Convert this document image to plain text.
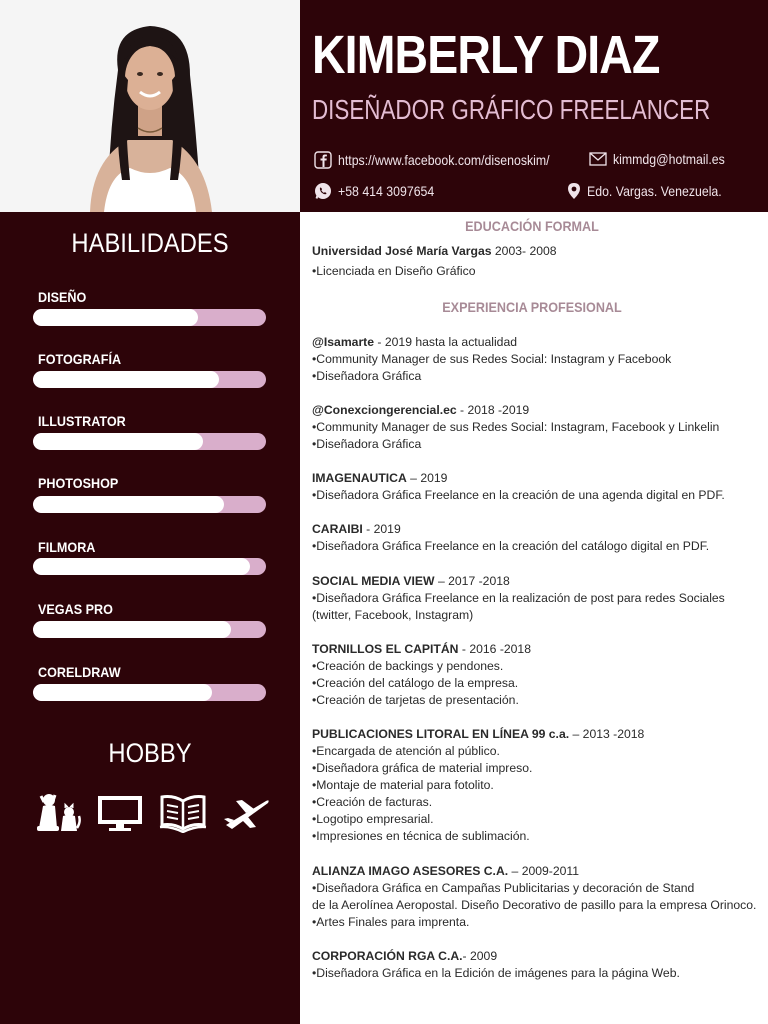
KIMBERLY DIAZ
DISEÑADOR GRÁFICO FREELANCER
https://www.facebook.com/disenoskim/	kimmdg@hotmail.es
+58 414 3097654	Edo. Vargas. Venezuela.
HABILIDADES
DISEÑO
FOTOGRAFÍA
ILLUSTRATOR
PHOTOSHOP
FILMORA
VEGAS PRO
CORELDRAW
HOBBY
EDUCACIÓN FORMAL
Universidad José María Vargas 2003- 2008
•Licenciada en Diseño Gráfico
EXPERIENCIA PROFESIONAL
@Isamarte - 2019 hasta la actualidad
•Community Manager de sus Redes Social: Instagram y Facebook
•Diseñadora Gráfica
@Conexciongerencial.ec - 2018 -2019
•Community Manager de sus Redes Social: Instagram, Facebook y Linkelin
•Diseñadora Gráfica
IMAGENAUTICA – 2019
•Diseñadora Gráfica Freelance en la creación de una agenda digital en PDF.
CARAIBI - 2019
•Diseñadora Gráfica Freelance en la creación del catálogo digital en PDF.
SOCIAL MEDIA VIEW – 2017 -2018
•Diseñadora Gráfica Freelance en la realización de post para redes Sociales
(twitter, Facebook, Instagram)
TORNILLOS EL CAPITÁN - 2016 -2018
•Creación de backings y pendones.
•Creación del catálogo de la empresa.
•Creación de tarjetas de presentación.
PUBLICACIONES LITORAL EN LÍNEA 99 c.a. – 2013 -2018
•Encargada de atención al público.
•Diseñadora gráfica de material impreso.
•Montaje de material para fotolito.
•Creación de facturas.
•Logotipo empresarial.
•Impresiones en técnica de sublimación.
ALIANZA IMAGO ASESORES C.A. – 2009-2011
•Diseñadora Gráfica en Campañas Publicitarias y decoración de Stand
de la Aerolínea Aeropostal. Diseño Decorativo de pasillo para la empresa Orinoco.
•Artes Finales para imprenta.
CORPORACIÓN RGA C.A.- 2009
•Diseñadora Gráfica en la Edición de imágenes para la página Web.
